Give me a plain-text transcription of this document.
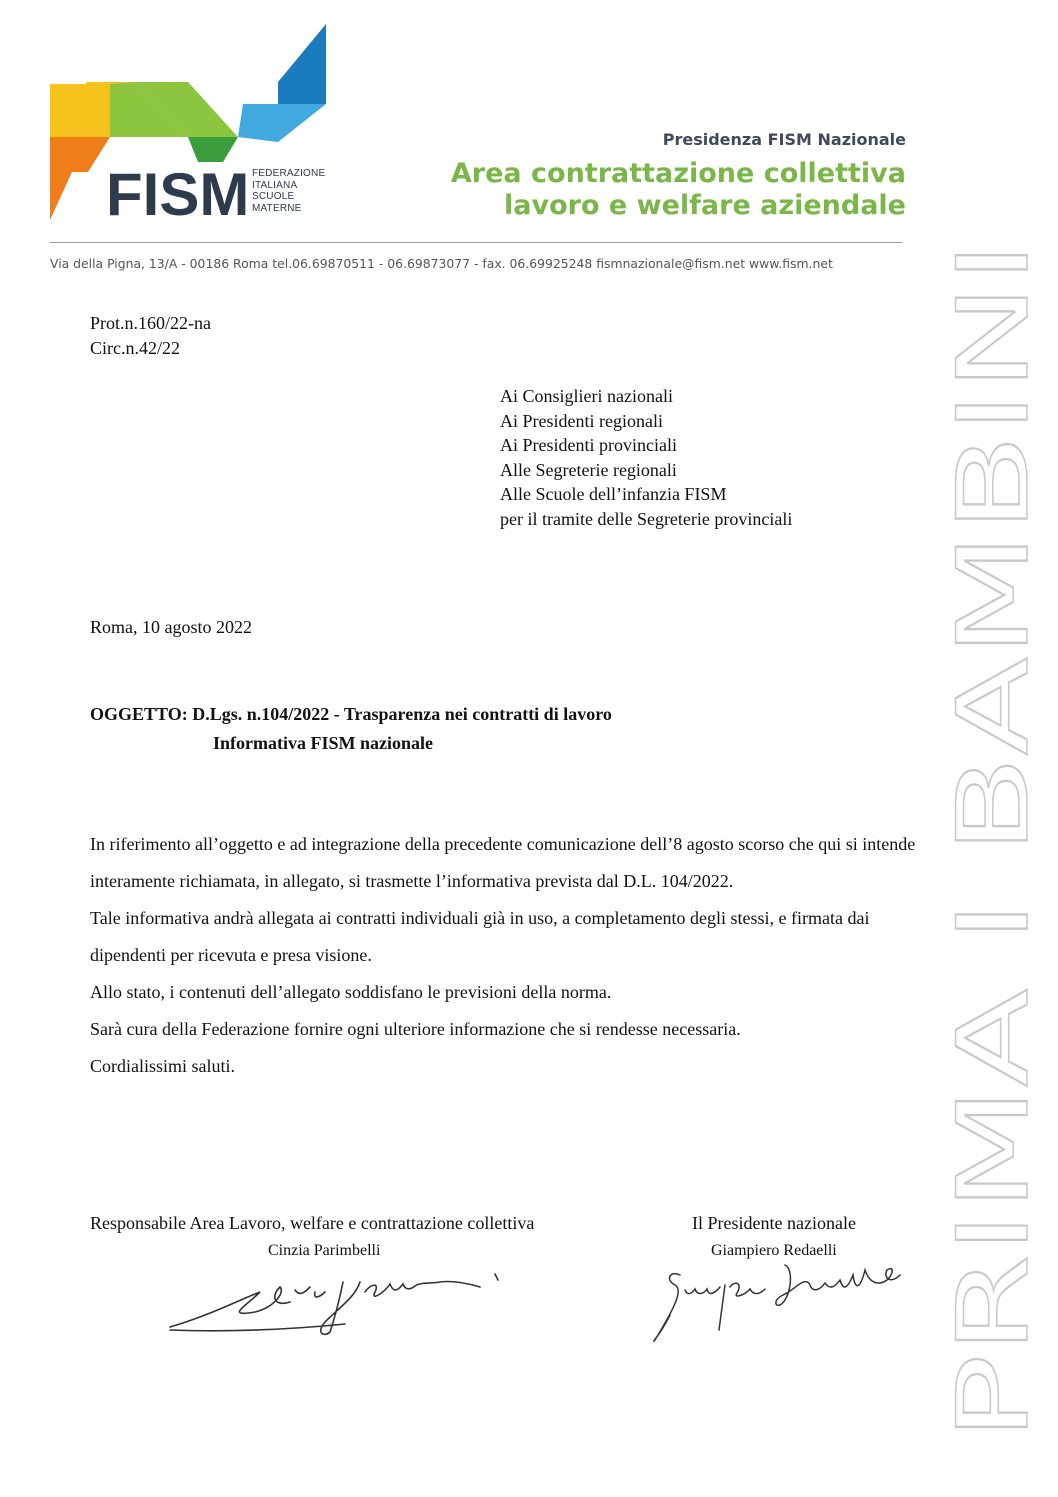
FISM FEDERAZIONE
ITALIANA
SCUOLE
MATERNE
Presidenza FISM Nazionale
Area contrattazione collettiva
lavoro e welfare aziendale
Via della Pigna, 13/A - 00186 Roma tel.06.69870511 - 06.69873077 - fax. 06.69925248 fismnazionale@fism.net www.fism.net
PRIMA I BAMBINI
Prot.n.160/22-na
Circ.n.42/22
Ai Consiglieri nazionali
Ai Presidenti regionali
Ai Presidenti provinciali
Alle Segreterie regionali
Alle Scuole dell’infanzia FISM
per il tramite delle Segreterie provinciali
Roma, 10 agosto 2022
OGGETTO: D.Lgs. n.104/2022 - Trasparenza nei contratti di lavoro
Informativa FISM nazionale

In riferimento all’oggetto e ad integrazione della precedente comunicazione dell’8 agosto scorso che qui si intende interamente richiamata, in allegato, si trasmette l’informativa prevista dal D.L. 104/2022.

Tale informativa andrà allegata ai contratti individuali già in uso, a completamento degli stessi, e firmata dai dipendenti per ricevuta e presa visione.

Allo stato, i contenuti dell’allegato soddisfano le previsioni della norma.

Sarà cura della Federazione fornire ogni ulteriore informazione che si rendesse necessaria.

Cordialissimi saluti.

Responsabile Area Lavoro, welfare e contrattazione collettiva
Cinzia Parimbelli
Il Presidente nazionale
Giampiero Redaelli
